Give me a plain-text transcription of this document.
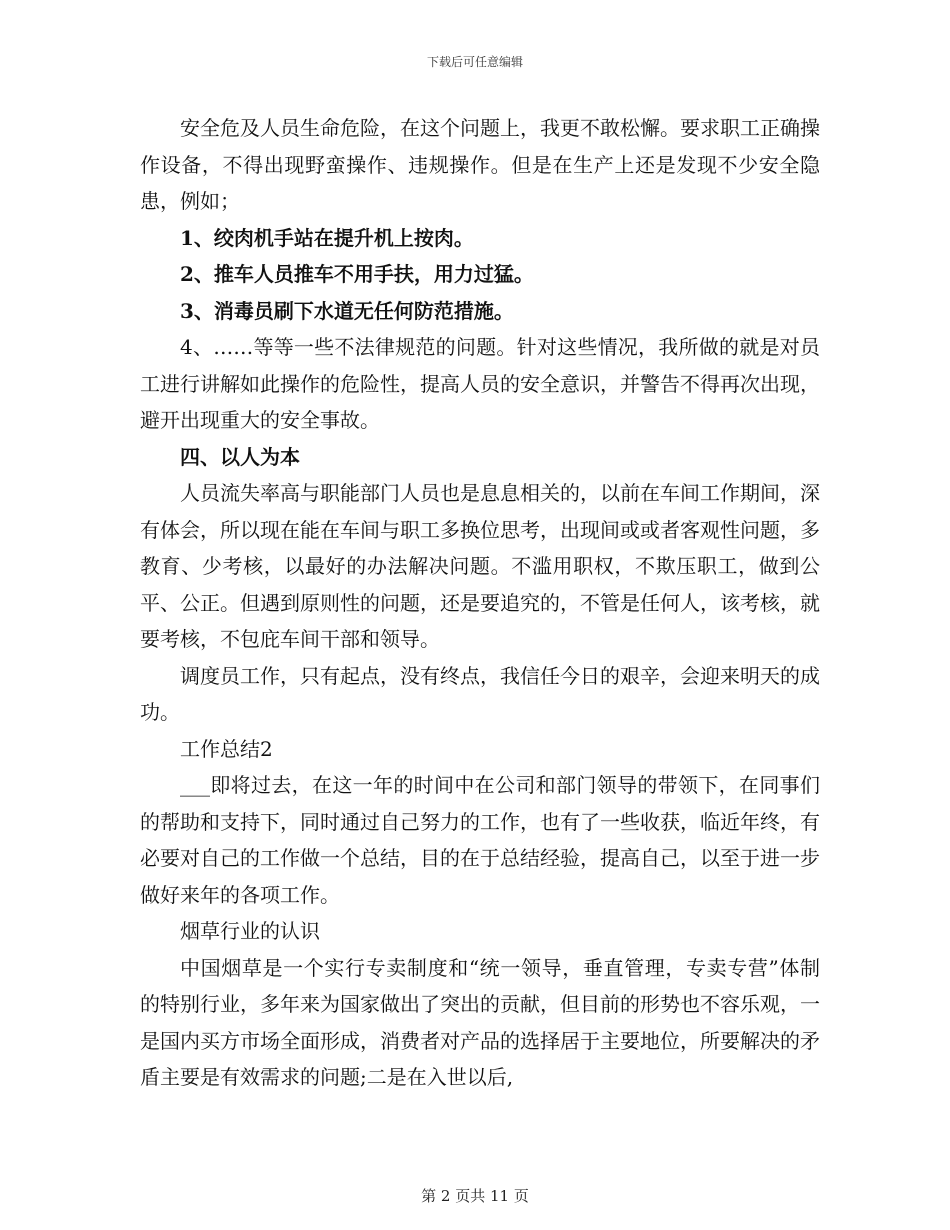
下载后可任意编辑

安全危及人员生命危险，在这个问题上，我更不敢松懈。要求职工正确操作设备，不得出现野蛮操作、违规操作。但是在生产上还是发现不少安全隐患，例如；

1、绞肉机手站在提升机上按肉。

2、推车人员推车不用手扶，用力过猛。

3、消毒员刷下水道无任何防范措施。

4、……等等一些不法律规范的问题。针对这些情况，我所做的就是对员工进行讲解如此操作的危险性，提高人员的安全意识，并警告不得再次出现，避开出现重大的安全事故。

四、以人为本

人员流失率高与职能部门人员也是息息相关的，以前在车间工作期间，深有体会，所以现在能在车间与职工多换位思考，出现间或或者客观性问题，多教育、少考核，以最好的办法解决问题。不滥用职权，不欺压职工，做到公平、公正。但遇到原则性的问题，还是要追究的，不管是任何人，该考核，就要考核，不包庇车间干部和领导。

调度员工作，只有起点，没有终点，我信任今日的艰辛，会迎来明天的成功。

工作总结2

___即将过去，在这一年的时间中在公司和部门领导的带领下，在同事们的帮助和支持下，同时通过自己努力的工作，也有了一些收获，临近年终，有必要对自己的工作做一个总结，目的在于总结经验，提高自己，以至于进一步做好来年的各项工作。

烟草行业的认识

中国烟草是一个实行专卖制度和“统一领导，垂直管理，专卖专营”体制的特别行业，多年来为国家做出了突出的贡献，但目前的形势也不容乐观，一是国内买方市场全面形成，消费者对产品的选择居于主要地位，所要解决的矛盾主要是有效需求的问题;二是在入世以后,

第 2 页共 11 页
